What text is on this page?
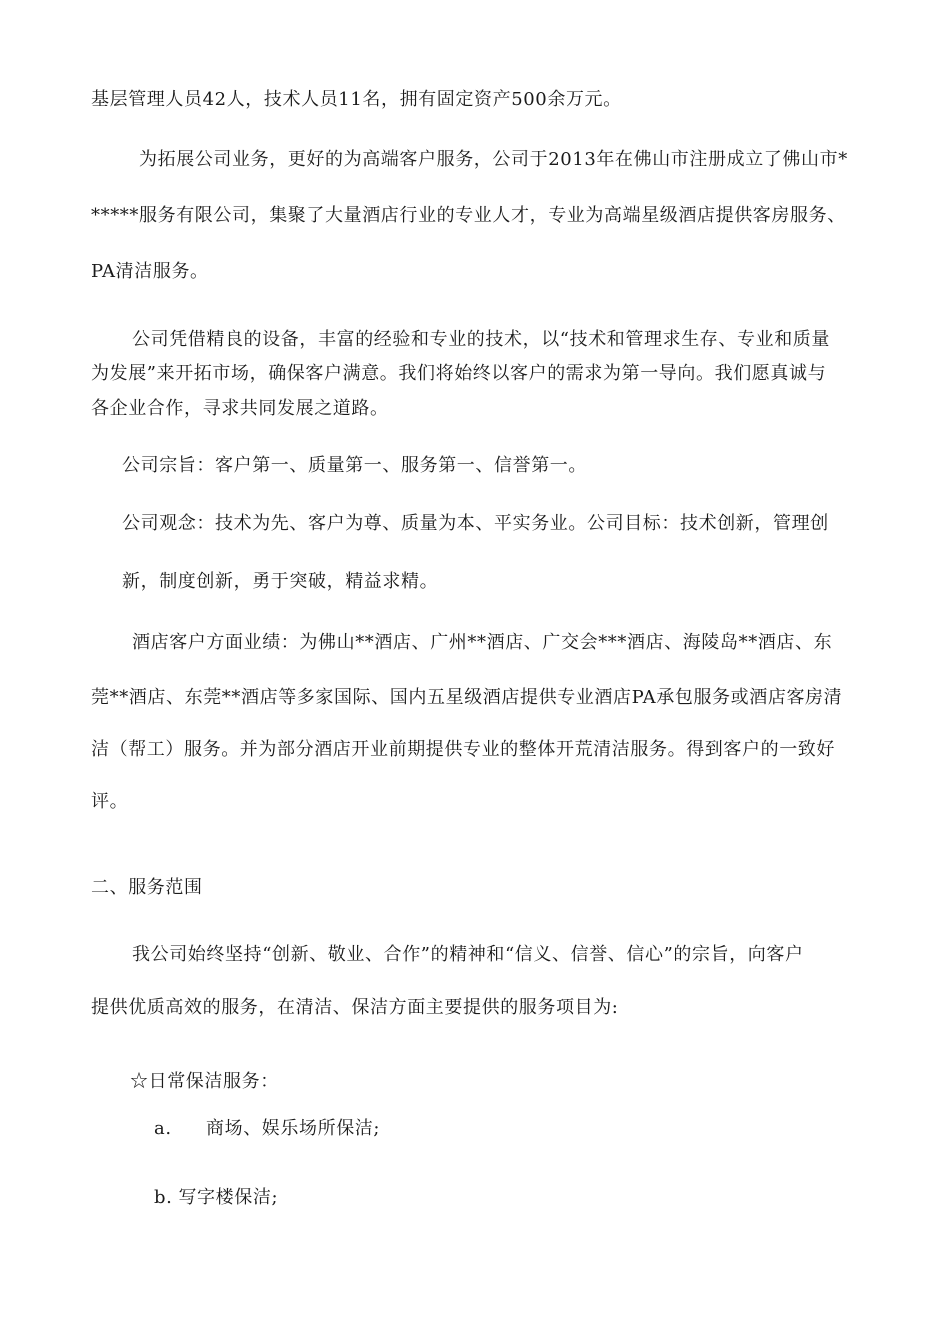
基层管理人员42人，技术人员11名，拥有固定资产500余万元。
为拓展公司业务，更好的为高端客户服务，公司于2013年在佛山市注册成立了佛山市*
*****服务有限公司，集聚了大量酒店行业的专业人才，专业为高端星级酒店提供客房服务、
PA清洁服务。
公司凭借精良的设备，丰富的经验和专业的技术，以“技术和管理求生存、专业和质量
为发展”来开拓市场，确保客户满意。我们将始终以客户的需求为第一导向。我们愿真诚与
各企业合作，寻求共同发展之道路。
公司宗旨：客户第一、质量第一、服务第一、信誉第一。
公司观念：技术为先、客户为尊、质量为本、平实务业。公司目标：技术创新，管理创
新，制度创新，勇于突破，精益求精。
酒店客户方面业绩：为佛山**酒店、广州**酒店、广交会***酒店、海陵岛**酒店、东
莞**酒店、东莞**酒店等多家国际、国内五星级酒店提供专业酒店PA承包服务或酒店客房清
洁（帮工）服务。并为部分酒店开业前期提供专业的整体开荒清洁服务。得到客户的一致好
评。
二、服务范围
我公司始终坚持“创新、敬业、合作”的精神和“信义、信誉、信心”的宗旨，向客户
提供优质高效的服务，在清洁、保洁方面主要提供的服务项目为:
☆日常保洁服务：
a. 商场、娱乐场所保洁;
b. 写字楼保洁;
